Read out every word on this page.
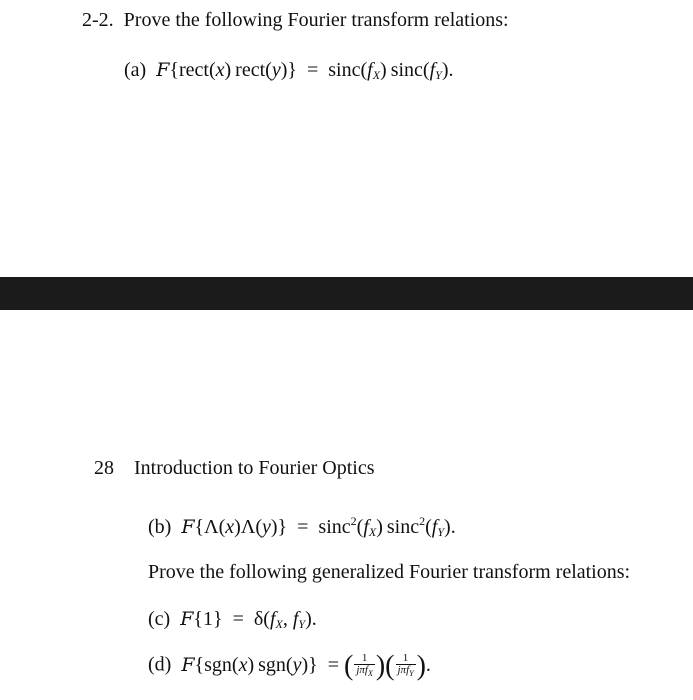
2-2. Prove the following Fourier transform relations:
(a) F{rect(x) rect(y)}  =  $\sin c(f_X)$ $\sin c(f_Y)$.
28 Introduction to Fourier Optics
(b) $F\{\Lambda(x)\Lambda(y)\} = \sin c^2(f_X)$ $\sin c^2(f_Y)$.
Prove the following generalized Fourier transform relations:
(c) $F\{1\} = \delta(f_X$, $f_Y$).
(d) F{sgn(x) sgn(y)}  = ( $\frac{1}{j\pi f_X}$ )( $\frac{1}{j\pi f_Y}$ ).
